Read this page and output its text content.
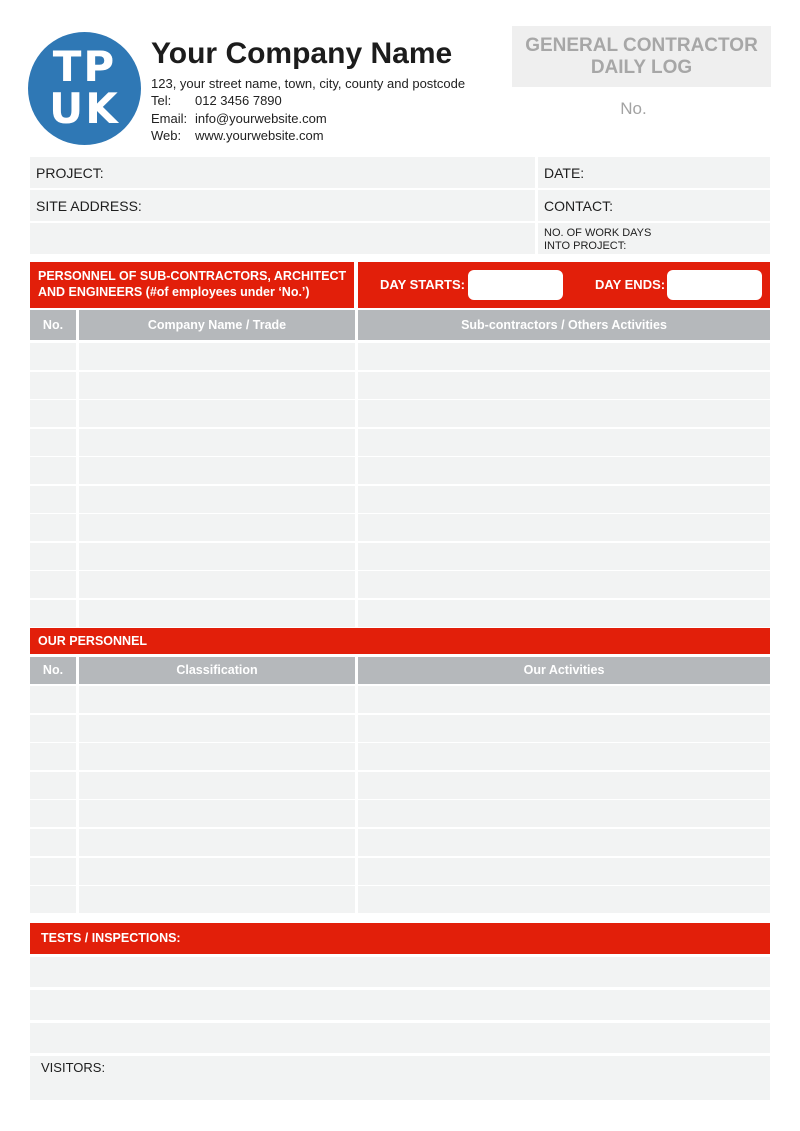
TP
UK
Your Company Name
123, your street name, town, city, county and postcode
Tel: 012 3456 7890
Email: info@yourwebsite.com
Web: www.yourwebsite.com
GENERAL CONTRACTOR
DAILY LOG
No.
PROJECT:	DATE:
SITE ADDRESS:	CONTACT:
NO. OF WORK DAYS
INTO PROJECT:
PERSONNEL OF SUB-CONTRACTORS, ARCHITECT
AND ENGINEERS (#of employees under ‘No.’)	DAY STARTS:	DAY ENDS:
No.	Company Name / Trade	Sub-contractors / Others Activities
OUR PERSONNEL
No.	Classification	Our Activities
TESTS / INSPECTIONS:
VISITORS:
